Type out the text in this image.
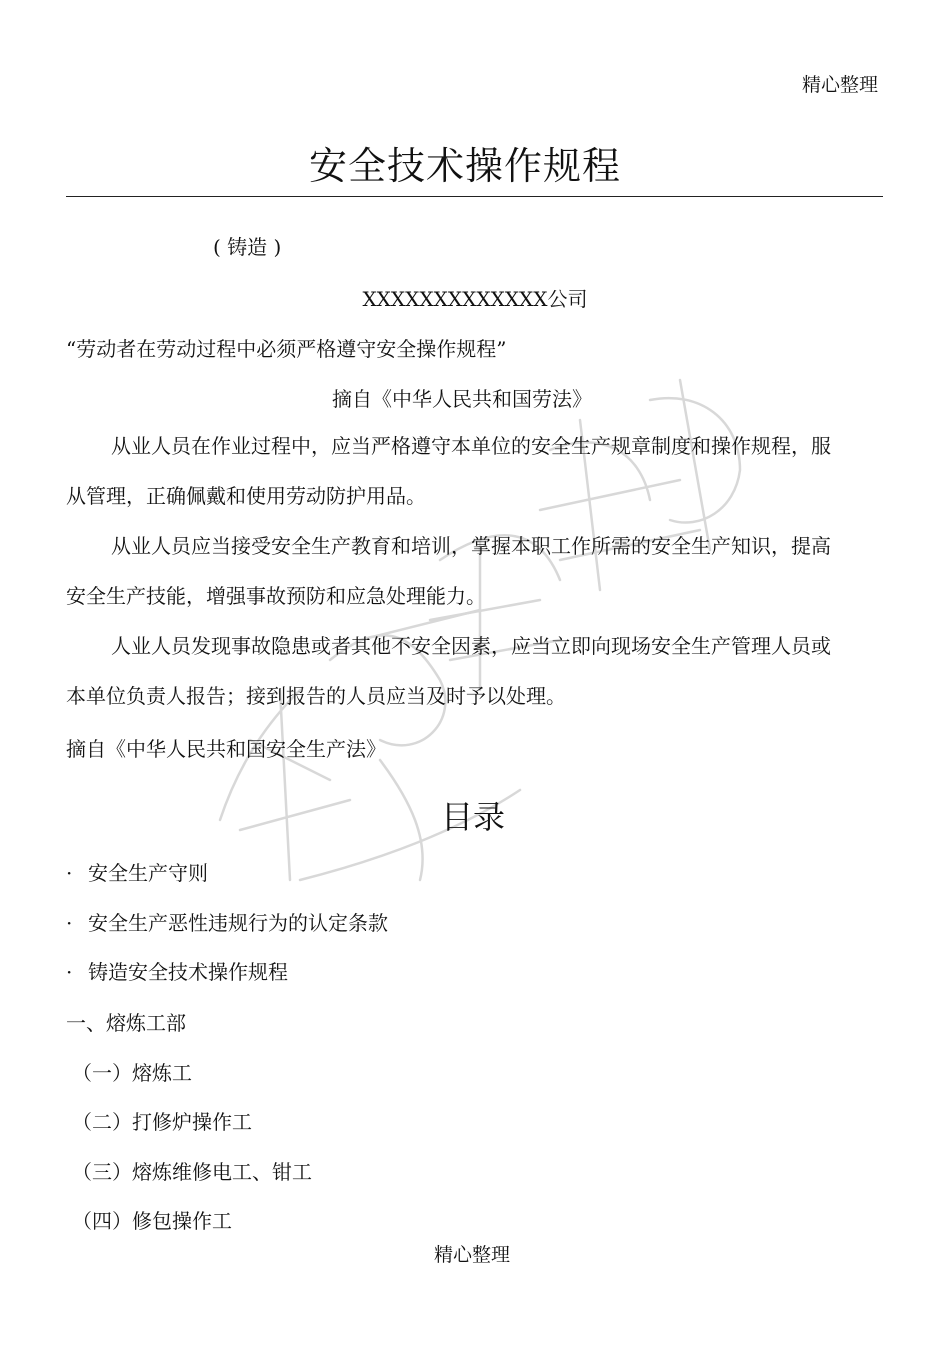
精心整理
安全技术操作规程
( 铸造 )
XXXXXXXXXXXXX公司
“劳动者在劳动过程中必须严格遵守安全操作规程”
摘自《中华人民共和国劳法》

从业人员在作业过程中，应当严格遵守本单位的安全生产规章制度和操作规程，服从管理，正确佩戴和使用劳动防护用品。

从业人员应当接受安全生产教育和培训，掌握本职工作所需的安全生产知识，提高安全生产技能，增强事故预防和应急处理能力。

人业人员发现事故隐患或者其他不安全因素，应当立即向现场安全生产管理人员或本单位负责人报告；接到报告的人员应当及时予以处理。

摘自《中华人民共和国安全生产法》
目录
· 安全生产守则
· 安全生产恶性违规行为的认定条款
· 铸造安全技术操作规程
一、熔炼工部
（一）熔炼工
（二）打修炉操作工
（三）熔炼维修电工、钳工
（四）修包操作工
精心整理
